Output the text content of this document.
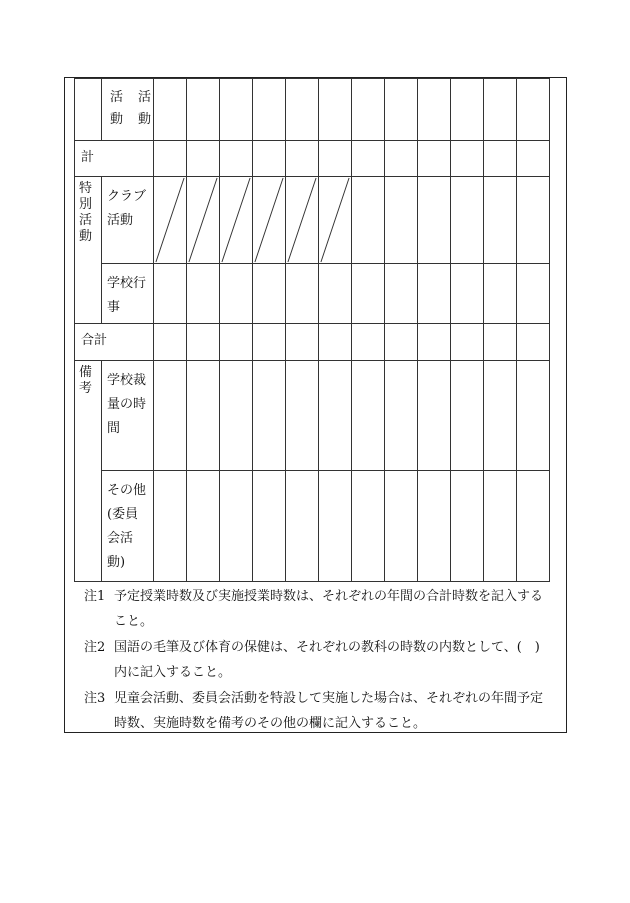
	活動
活動												

計													

特別活動	クラブ活動

	学校行事												

合計													

備考	学校裁量の時間												

	その他(委員会活動)												

注1 予定授業時数及び実施授業時数は、それぞれの年間の合計時数を記入すること。
注2 国語の毛筆及び体育の保健は、それぞれの教科の時数の内数として、(　)内に記入すること。
注3 児童会活動、委員会活動を特設して実施した場合は、それぞれの年間予定時数、実施時数を備考のその他の欄に記入すること。
